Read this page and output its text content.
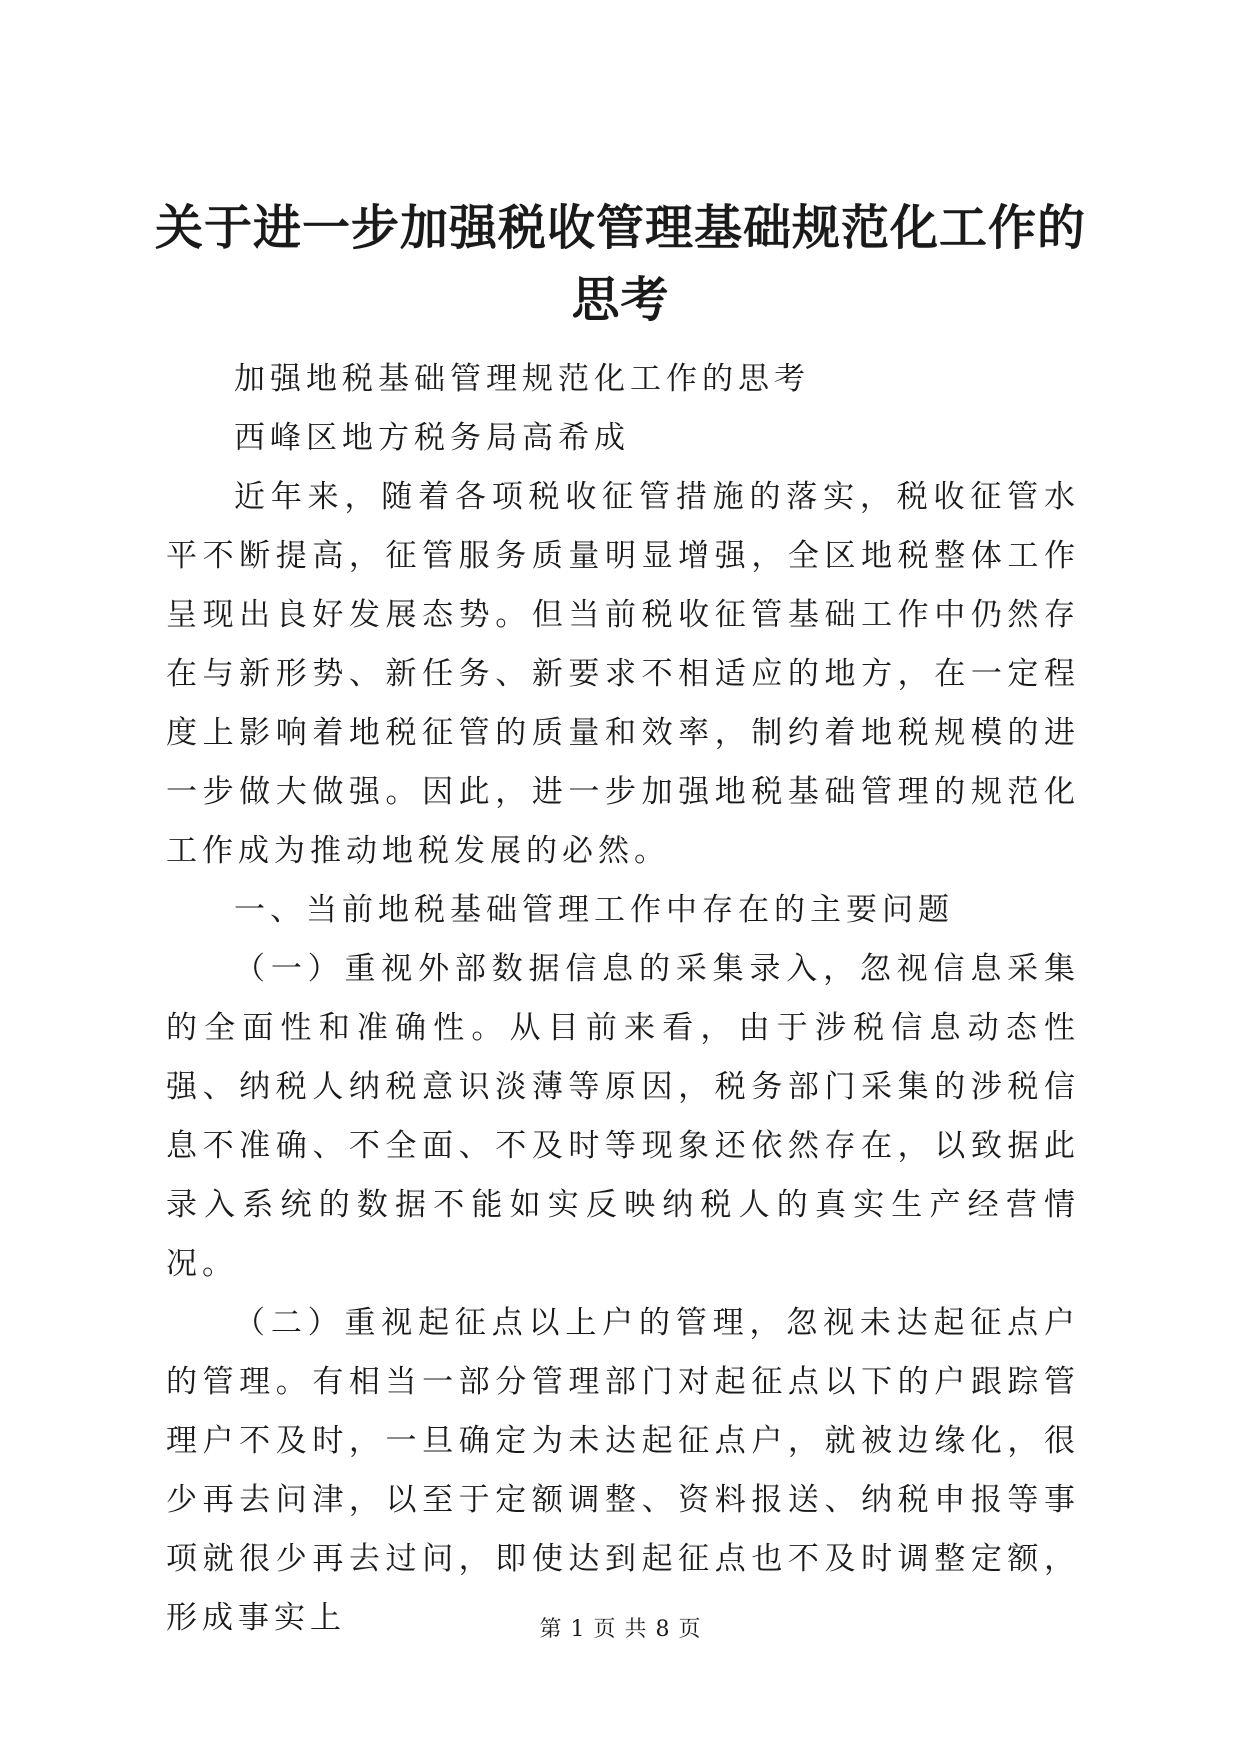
关于进一步加强税收管理基础规范化工作的思考

加强地税基础管理规范化工作的思考

西峰区地方税务局高希成

近年来，随着各项税收征管措施的落实，税收征管水平不断提高，征管服务质量明显增强，全区地税整体工作呈现出良好发展态势。但当前税收征管基础工作中仍然存在与新形势、新任务、新要求不相适应的地方，在一定程度上影响着地税征管的质量和效率，制约着地税规模的进一步做大做强。因此，进一步加强地税基础管理的规范化工作成为推动地税发展的必然。

一、当前地税基础管理工作中存在的主要问题

（一）重视外部数据信息的采集录入，忽视信息采集的全面性和准确性。从目前来看，由于涉税信息动态性强、纳税人纳税意识淡薄等原因，税务部门采集的涉税信息不准确、不全面、不及时等现象还依然存在，以致据此录入系统的数据不能如实反映纳税人的真实生产经营情况。

（二）重视起征点以上户的管理，忽视未达起征点户的管理。有相当一部分管理部门对起征点以下的户跟踪管理户不及时，一旦确定为未达起征点户，就被边缘化，很少再去问津，以至于定额调整、资料报送、纳税申报等事项就很少再去过问，即使达到起征点也不及时调整定额，形成事实上	第 1 页 共 8 页
